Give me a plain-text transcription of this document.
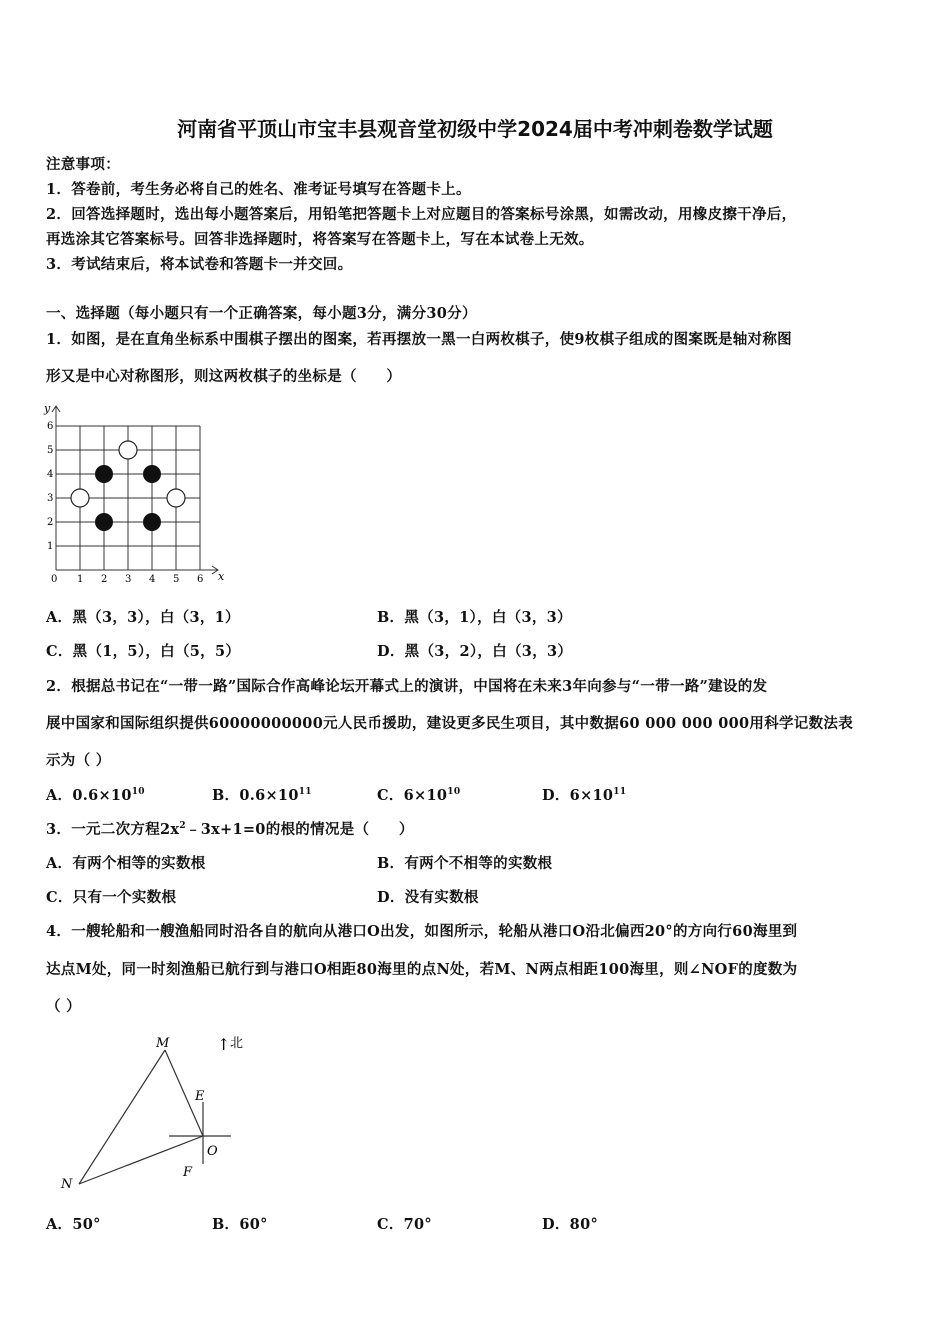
河南省平顶山市宝丰县观音堂初级中学2024届中考冲刺卷数学试题
注意事项：
1．答卷前，考生务必将自己的姓名、准考证号填写在答题卡上。
2．回答选择题时，选出每小题答案后，用铅笔把答题卡上对应题目的答案标号涂黑，如需改动，用橡皮擦干净后，
再选涂其它答案标号。回答非选择题时，将答案写在答题卡上，写在本试卷上无效。
3．考试结束后，将本试卷和答题卡一并交回。
一、选择题（每小题只有一个正确答案，每小题3分，满分30分）
1．如图，是在直角坐标系中围棋子摆出的图案，若再摆放一黑一白两枚棋子，使9枚棋子组成的图案既是轴对称图
形又是中心对称图形，则这两枚棋子的坐标是（　　）
y
x
6
5
4
3
2
1
0 1 2 3 4 5 6
A．黑（3，3），白（3，1）	B．黑（3，1），白（3，3）
C．黑（1，5），白（5，5）	D．黑（3，2），白（3，3）
2．根据总书记在“一带一路”国际合作高峰论坛开幕式上的演讲，中国将在未来3年向参与“一带一路”建设的发
展中国家和国际组织提供60000000000元人民币援助，建设更多民生项目，其中数据60 000 000 000用科学记数法表
示为（ ）
A．$0.6\times 10^{10}$	B．$0.6\times 10^{11}$	C．$6\times 10^{10}$	D．$6\times 10^{11}$
3．一元二次方程$2x^2﹣3x+1=0$的根的情况是（　　）
A．有两个相等的实数根	B．有两个不相等的实数根
C．只有一个实数根	D．没有实数根
4．一艘轮船和一艘渔船同时沿各自的航向从港口O出发，如图所示，轮船从港口O沿北偏西20°的方向行60海里到
达点M处，同一时刻渔船已航行到与港口O相距80海里的点N处，若M、N两点相距100海里，则∠NOF的度数为
（ ）
M
N
O
E
F
↑ 北
A．50°	B．60°	C．70°	D．80°
